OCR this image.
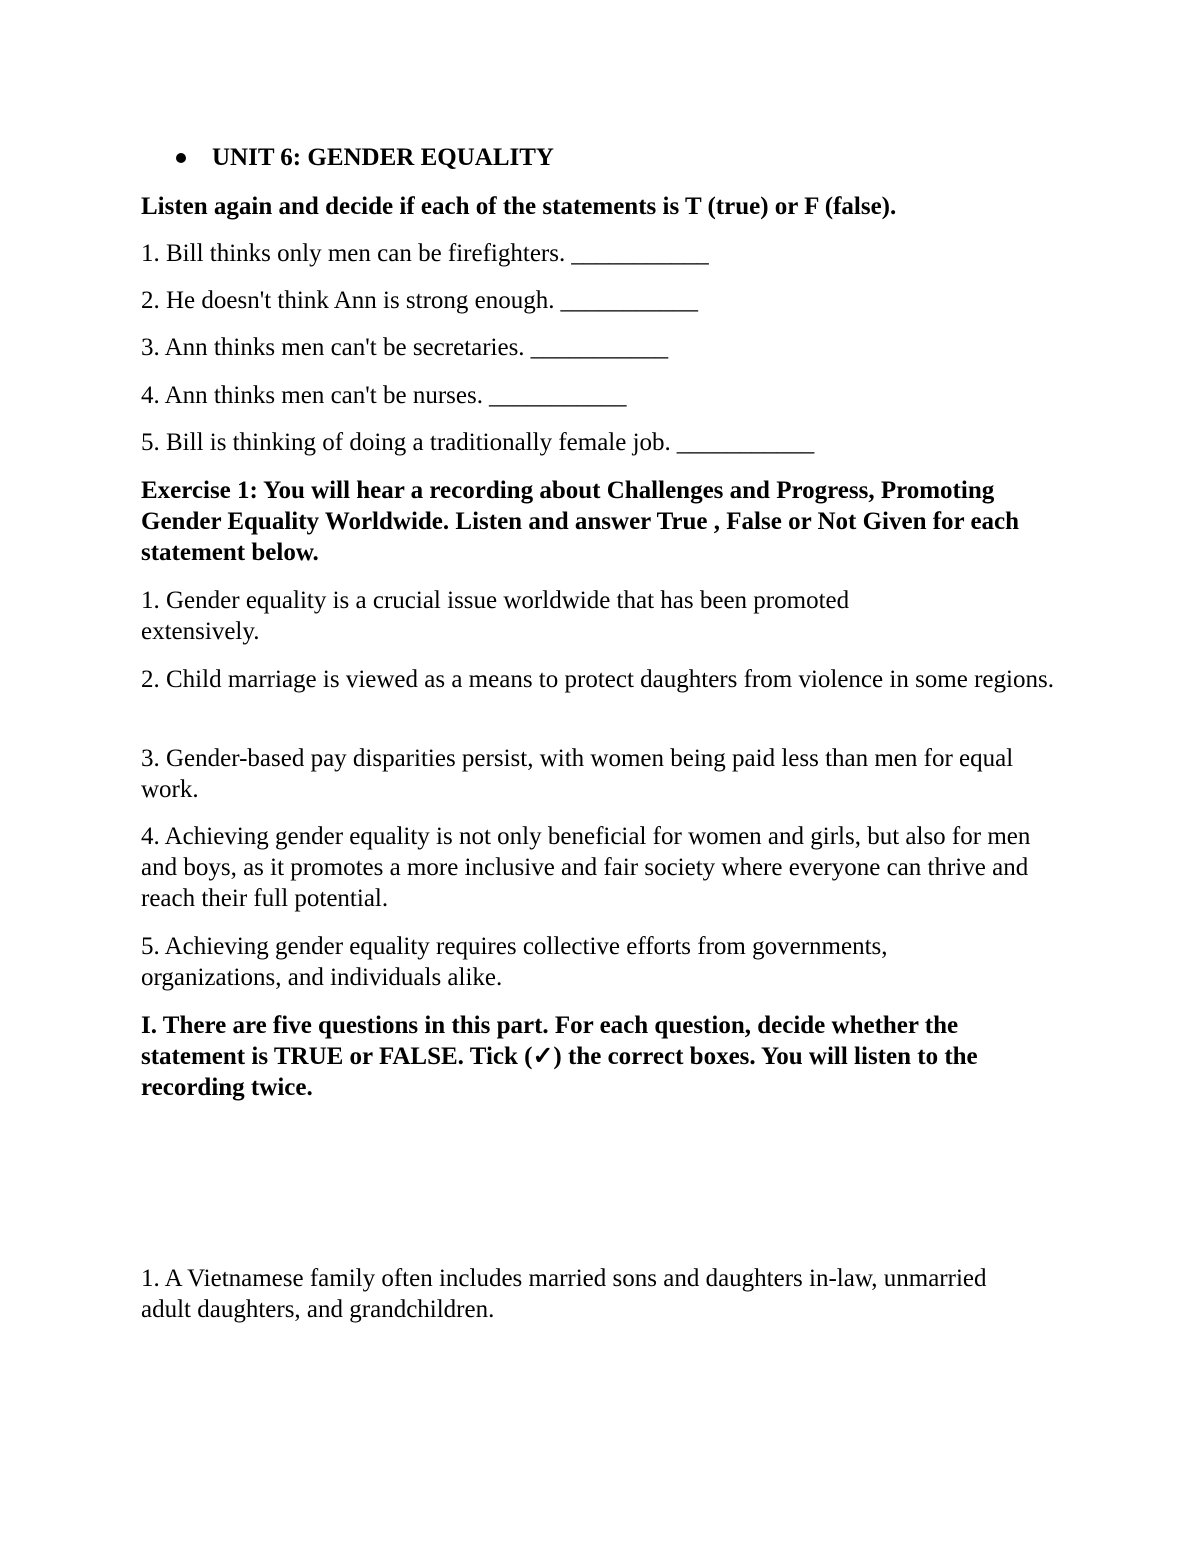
UNIT 6: GENDER EQUALITY
Listen again and decide if each of the statements is T (true) or F (false).
1. Bill thinks only men can be firefighters. ___________
2. He doesn't think Ann is strong enough. ___________
3. Ann thinks men can't be secretaries. ___________
4. Ann thinks men can't be nurses. ___________
5. Bill is thinking of doing a traditionally female job. ___________
Exercise 1: You will hear a recording about Challenges and Progress, Promoting Gender Equality Worldwide. Listen and answer True , False or Not Given for each statement below.
1. Gender equality is a crucial issue worldwide that has been promoted extensively.
2. Child marriage is viewed as a means to protect daughters from violence in some regions.
3. Gender-based pay disparities persist, with women being paid less than men for equal work.
4. Achieving gender equality is not only beneficial for women and girls, but also for men and boys, as it promotes a more inclusive and fair society where everyone can thrive and reach their full potential.
5. Achieving gender equality requires collective efforts from governments, organizations, and individuals alike.
I. There are five questions in this part. For each question, decide whether the statement is TRUE or FALSE. Tick (✓) the correct boxes. You will listen to the recording twice.
1. A Vietnamese family often includes married sons and daughters in-law, unmarried adult daughters, and grandchildren.
